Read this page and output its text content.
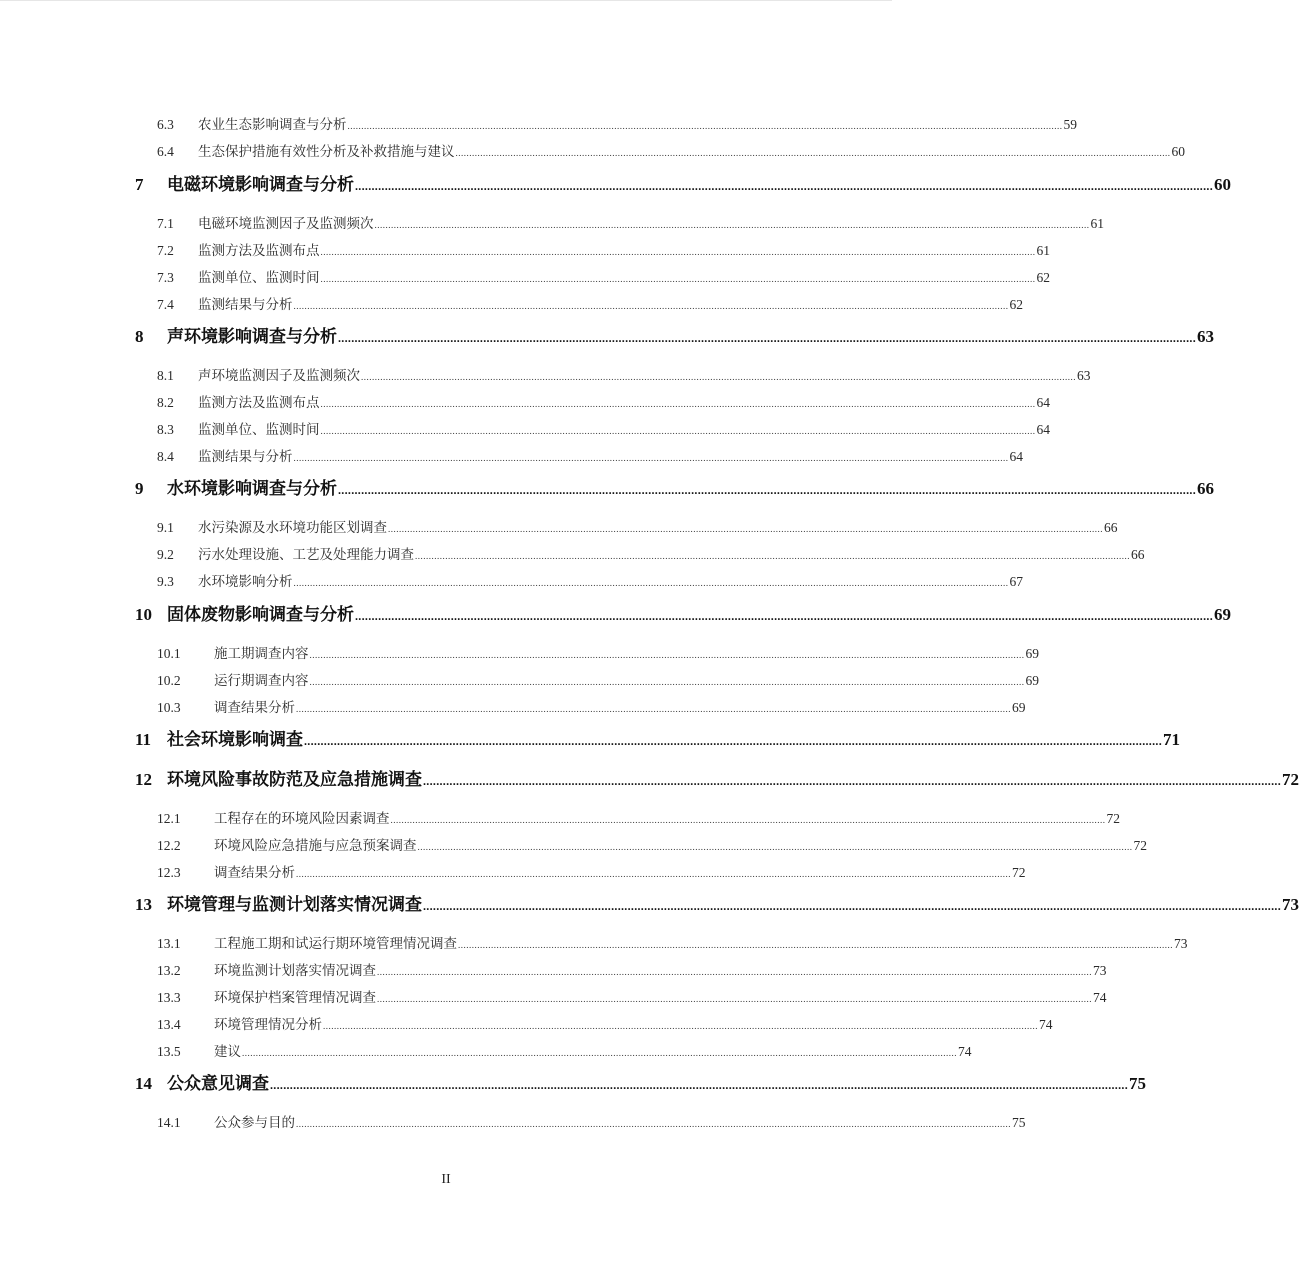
6.3	农业生态影响调查与分析 .................................................................................................................................................................................................................................................................... 59
6.4	生态保护措施有效性分析及补救措施与建议 .................................................................................................................................................................................................................................................................... 60
7	电磁环境影响调查与分析 .................................................................................................................................................................................................................................................................... 60
7.1	电磁环境监测因子及监测频次 .................................................................................................................................................................................................................................................................... 61
7.2	监测方法及监测布点 .................................................................................................................................................................................................................................................................... 61
7.3	监测单位、监测时间 .................................................................................................................................................................................................................................................................... 62
7.4	监测结果与分析 .................................................................................................................................................................................................................................................................... 62
8	声环境影响调查与分析 .................................................................................................................................................................................................................................................................... 63
8.1	声环境监测因子及监测频次 .................................................................................................................................................................................................................................................................... 63
8.2	监测方法及监测布点 .................................................................................................................................................................................................................................................................... 64
8.3	监测单位、监测时间 .................................................................................................................................................................................................................................................................... 64
8.4	监测结果与分析 .................................................................................................................................................................................................................................................................... 64
9	水环境影响调查与分析 .................................................................................................................................................................................................................................................................... 66
9.1	水污染源及水环境功能区划调查 .................................................................................................................................................................................................................................................................... 66
9.2	污水处理设施、工艺及处理能力调查 .................................................................................................................................................................................................................................................................... 66
9.3	水环境影响分析 .................................................................................................................................................................................................................................................................... 67
10 固体废物影响调查与分析 .................................................................................................................................................................................................................................................................... 69
10.1	施工期调查内容 .................................................................................................................................................................................................................................................................... 69
10.2	运行期调查内容 .................................................................................................................................................................................................................................................................... 69
10.3	调查结果分析 .................................................................................................................................................................................................................................................................... 69
11 社会环境影响调查 .................................................................................................................................................................................................................................................................... 71
12 环境风险事故防范及应急措施调查 .................................................................................................................................................................................................................................................................... 72
12.1	工程存在的环境风险因素调查 .................................................................................................................................................................................................................................................................... 72
12.2	环境风险应急措施与应急预案调查 .................................................................................................................................................................................................................................................................... 72
12.3	调查结果分析 .................................................................................................................................................................................................................................................................... 72
13 环境管理与监测计划落实情况调查 .................................................................................................................................................................................................................................................................... 73
13.1	工程施工期和试运行期环境管理情况调查 .................................................................................................................................................................................................................................................................... 73
13.2	环境监测计划落实情况调查 .................................................................................................................................................................................................................................................................... 73
13.3	环境保护档案管理情况调查 .................................................................................................................................................................................................................................................................... 74
13.4	环境管理情况分析 .................................................................................................................................................................................................................................................................... 74
13.5	建议 .................................................................................................................................................................................................................................................................... 74
14 公众意见调查 .................................................................................................................................................................................................................................................................... 75
14.1	公众参与目的 .................................................................................................................................................................................................................................................................... 75
II
